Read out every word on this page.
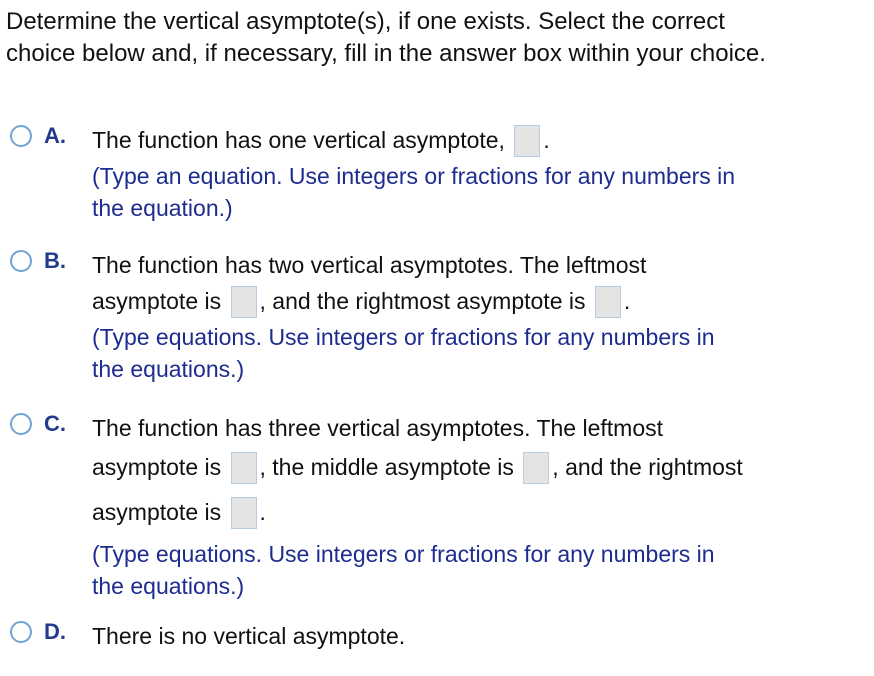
Determine the vertical asymptote(s), if one exists. Select the correct
choice below and, if necessary, fill in the answer box within your choice.
A. The function has one vertical asymptote, .
(Type an equation. Use integers or fractions for any numbers in
the equation.)
B. The function has two vertical asymptotes. The leftmost
asymptote is , and the rightmost asymptote is .
(Type equations. Use integers or fractions for any numbers in
the equations.)
C. The function has three vertical asymptotes. The leftmost
asymptote is , the middle asymptote is , and the rightmost
asymptote is .
(Type equations. Use integers or fractions for any numbers in
the equations.)
D. There is no vertical asymptote.
